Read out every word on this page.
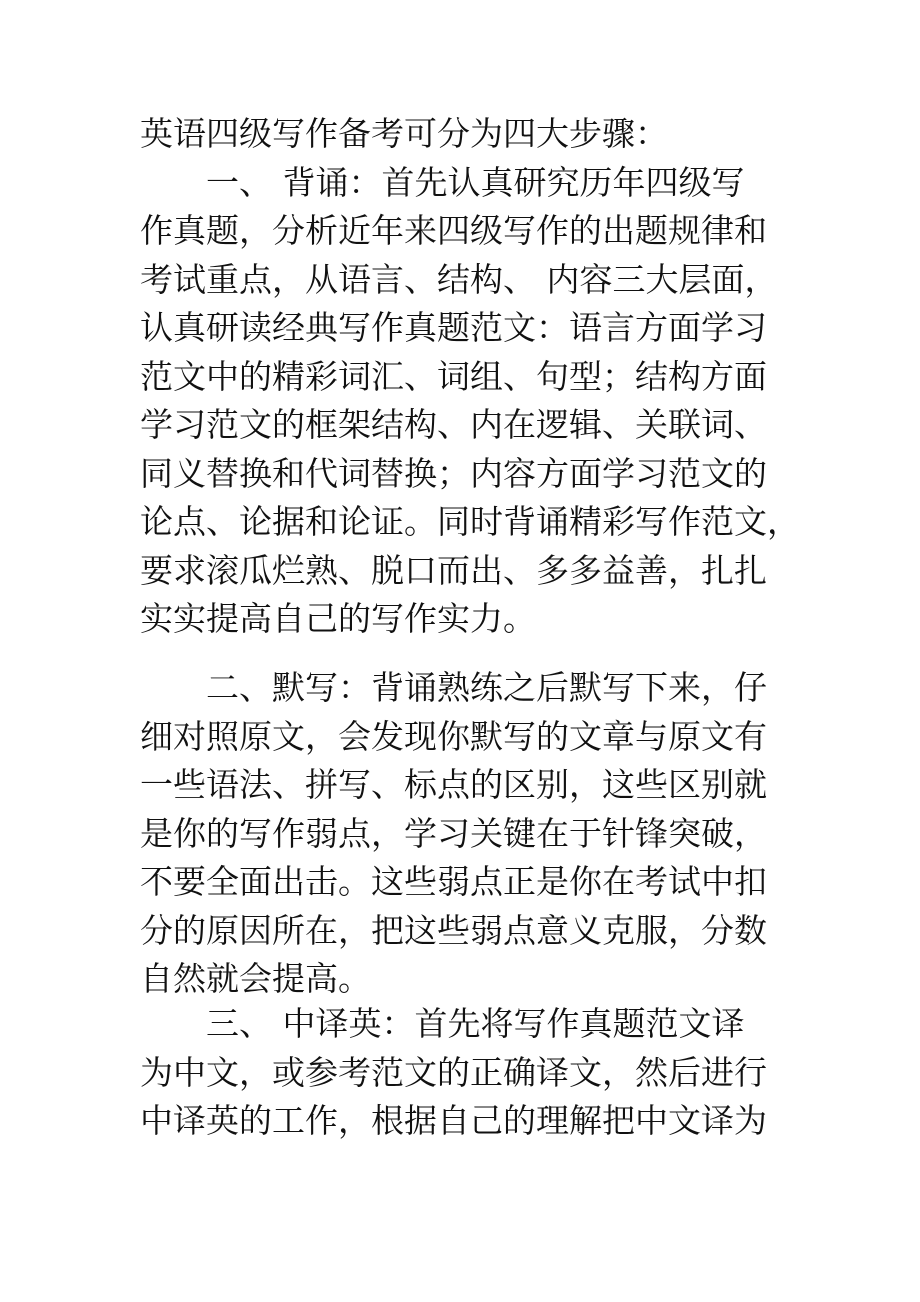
英语四级写作备考可分为四大步骤：
一、 背诵：首先认真研究历年四级写
作真题，分析近年来四级写作的出题规律和
考试重点，从语言、结构、 内容三大层面，
认真研读经典写作真题范文：语言方面学习
范文中的精彩词汇、词组、句型；结构方面
学习范文的框架结构、内在逻辑、关联词、
同义替换和代词替换；内容方面学习范文的
论点、论据和论证。同时背诵精彩写作范文，
要求滚瓜烂熟、脱口而出、多多益善，扎扎
实实提高自己的写作实力。
二、默写：背诵熟练之后默写下来，仔
细对照原文，会发现你默写的文章与原文有
一些语法、拼写、标点的区别，这些区别就
是你的写作弱点，学习关键在于针锋突破，
不要全面出击。这些弱点正是你在考试中扣
分的原因所在，把这些弱点意义克服，分数
自然就会提高。
三、 中译英：首先将写作真题范文译
为中文，或参考范文的正确译文，然后进行
中译英的工作，根据自己的理解把中文译为
